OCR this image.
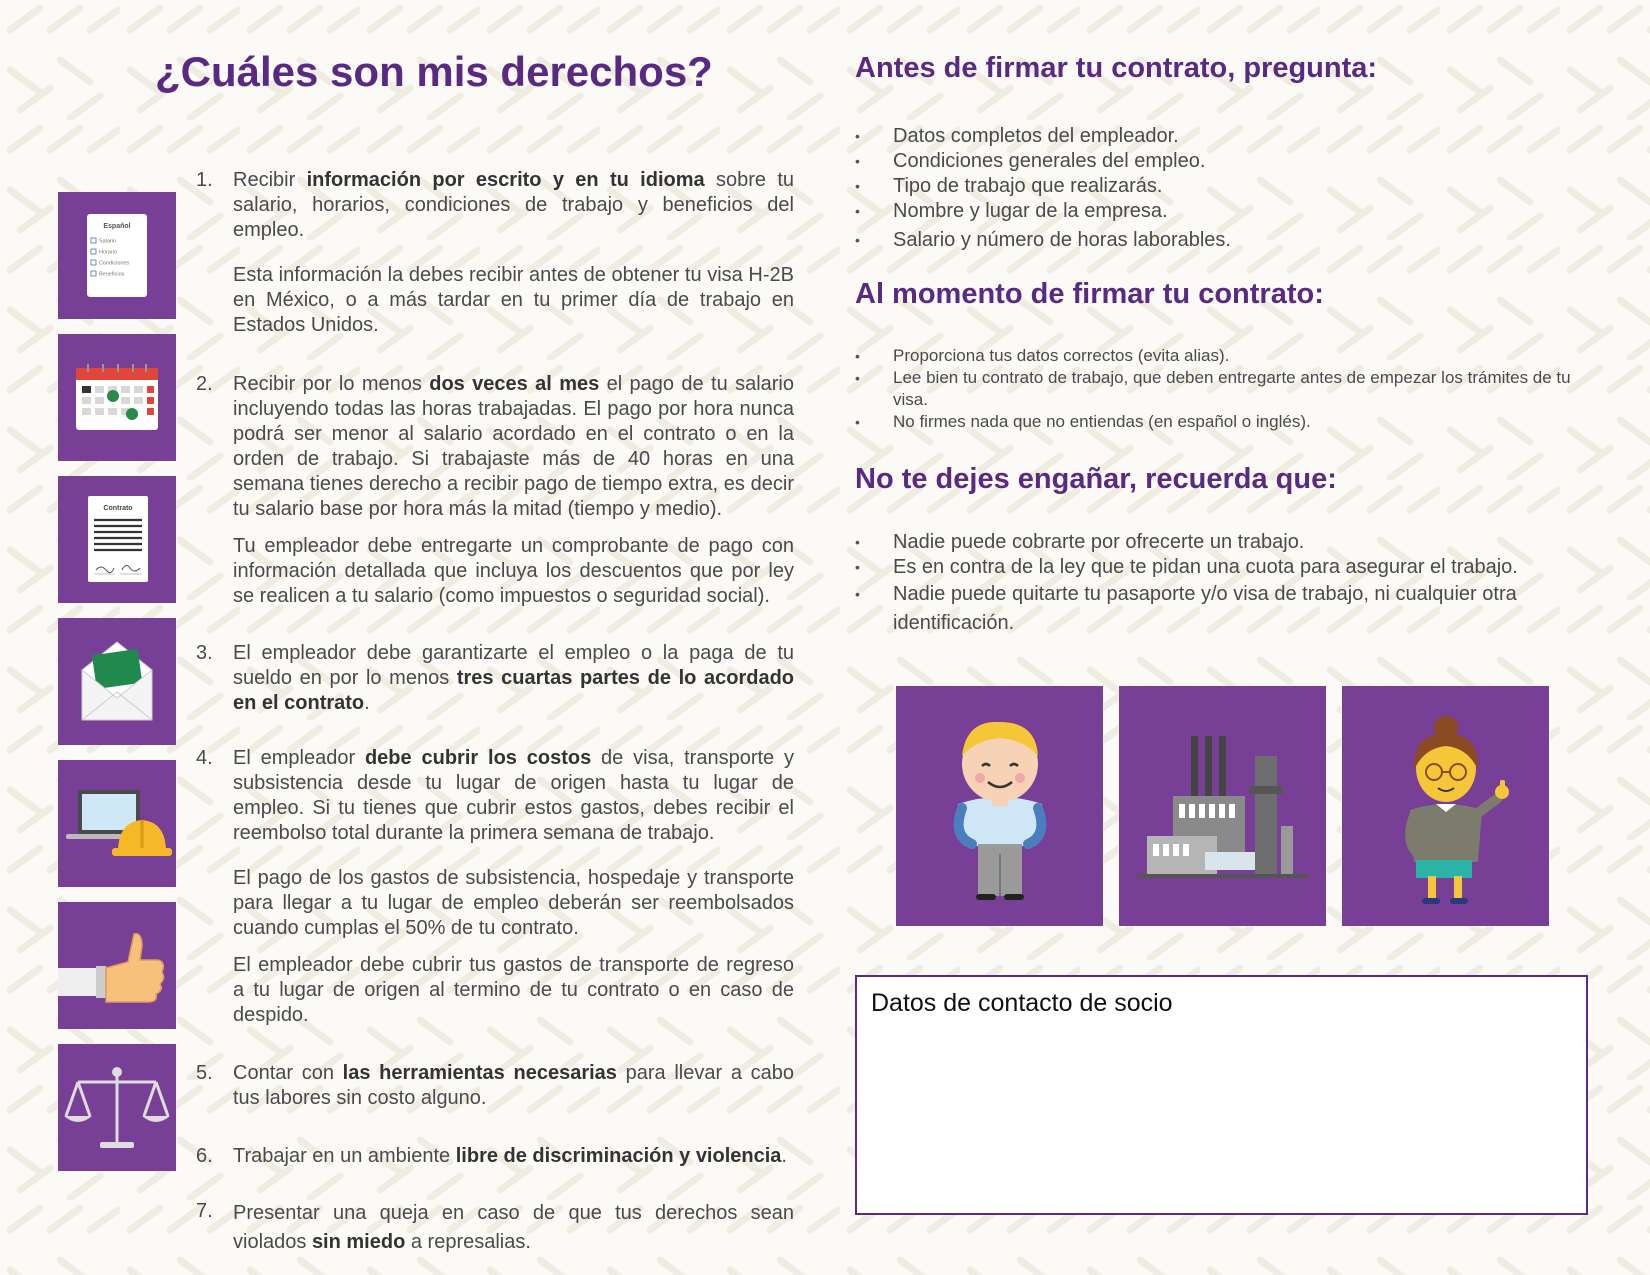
¿Cuáles son mis derechos?
Español
Salario
Horario
Condiciones
Beneficios
Contrato
1. Recibir información por escrito y en tu idioma sobre tu salario, horarios, condiciones de trabajo y beneficios del empleo.

Esta información la debes recibir antes de obtener tu visa H-2B en México, o a más tardar en tu primer día de trabajo en Estados Unidos.

2. Recibir por lo menos dos veces al mes el pago de tu salario incluyendo todas las horas trabajadas. El pago por hora nunca podrá ser menor al salario acordado en el contrato o en la orden de trabajo. Si trabajaste más de 40 horas en una semana tienes derecho a recibir pago de tiempo extra, es decir tu salario base por hora más la mitad (tiempo y medio).

Tu empleador debe entregarte un comprobante de pago con información detallada que incluya los descuentos que por ley se realicen a tu salario (como impuestos o seguridad social).

3. El empleador debe garantizarte el empleo o la paga de tu sueldo en por lo menos tres cuartas partes de lo acordado en el contrato.

4. El empleador debe cubrir los costos de visa, transporte y subsistencia desde tu lugar de origen hasta tu lugar de empleo. Si tu tienes que cubrir estos gastos, debes recibir el reembolso total durante la primera semana de trabajo.

El pago de los gastos de subsistencia, hospedaje y transporte para llegar a tu lugar de empleo deberán ser reembolsados cuando cumplas el 50% de tu contrato.

El empleador debe cubrir tus gastos de transporte de regreso a tu lugar de origen al termino de tu contrato o en caso de despido.

5. Contar con las herramientas necesarias para llevar a cabo tus labores sin costo alguno.

6. Trabajar en un ambiente libre de discriminación y violencia.

7. Presentar una queja en caso de que tus derechos sean violados sin miedo a represalias.

Antes de firmar tu contrato, pregunta:
• Datos completos del empleador.
• Condiciones generales del empleo.
• Tipo de trabajo que realizarás.
• Nombre y lugar de la empresa.
• Salario y número de horas laborables.
Al momento de firmar tu contrato:
• Proporciona tus datos correctos (evita alias).
• Lee bien tu contrato de trabajo, que deben entregarte antes de empezar los trámites de tu visa.
• No firmes nada que no entiendas (en español o inglés).
No te dejes engañar, recuerda que:
• Nadie puede cobrarte por ofrecerte un trabajo.
• Es en contra de la ley que te pidan una cuota para asegurar el trabajo.
• Nadie puede quitarte tu pasaporte y/o visa de trabajo, ni cualquier otra identificación.
Datos de contacto de socio
